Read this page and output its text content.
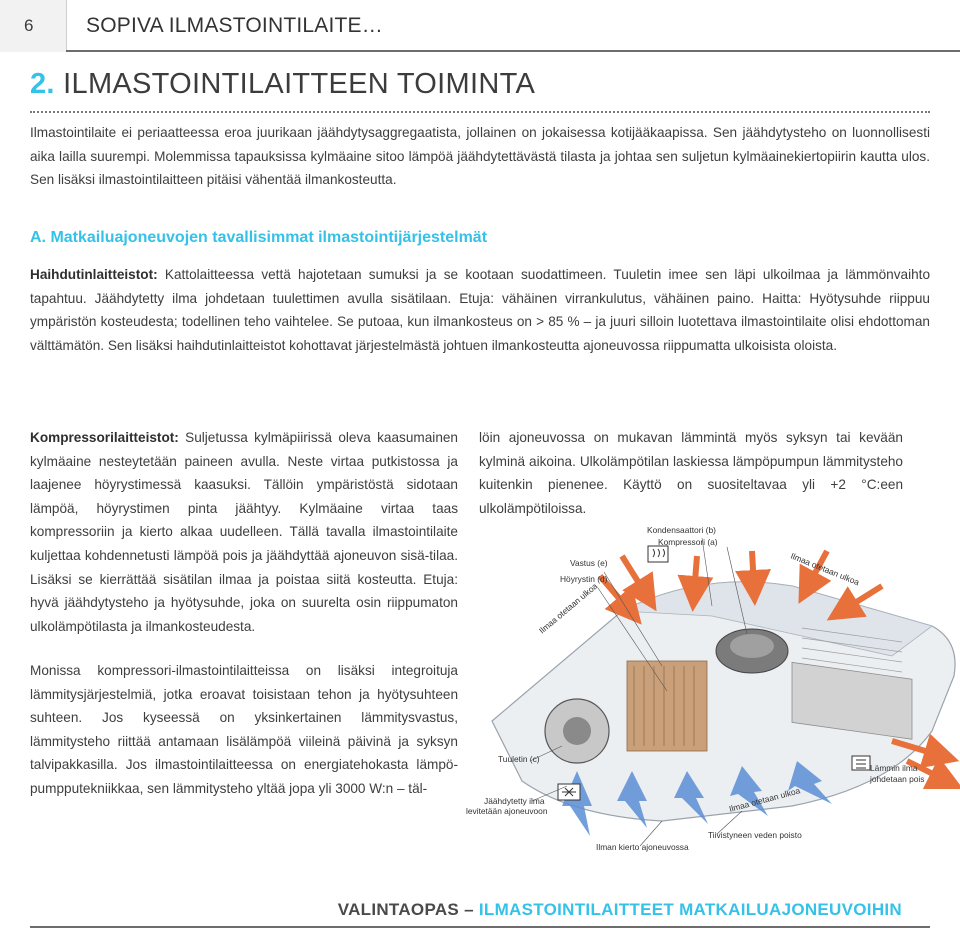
6	SOPIVA ILMASTOINTILAITE…
2. ILMASTOINTILAITTEEN TOIMINTA
Ilmastointilaite ei periaatteessa eroa juurikaan jäähdytysaggregaatista, jollainen on jokaisessa kotijääkaapissa. Sen jäähdytysteho on luonnollisesti aika lailla suurempi. Molemmissa tapauksissa kylmäaine sitoo lämpöä jäähdytettävästä tilasta ja johtaa sen suljetun kylmäainekiertopiirin kautta ulos. Sen lisäksi ilmastointilaitteen pitäisi vähentää ilmankosteutta.
A. Matkailuajoneuvojen tavallisimmat ilmastointijärjestelmät
Haihdutinlaitteistot: Kattolaitteessa vettä hajotetaan sumuksi ja se kootaan suodattimeen. Tuuletin imee sen läpi ulkoilmaa ja lämmönvaihto tapahtuu. Jäähdytetty ilma johdetaan tuulettimen avulla sisätilaan. Etuja: vähäinen virrankulutus, vähäinen paino. Haitta: Hyötysuhde riippuu ympäristön kosteudesta; todellinen teho vaihtelee. Se putoaa, kun ilmankosteus on > 85 % – ja juuri silloin luotettava ilmastointilaite olisi ehdottoman välttämätön. Sen lisäksi haihdutinlaitteistot kohottavat järjestelmästä johtuen ilmankosteutta ajoneuvossa riippumatta ulkoisista oloista.
Kompressorilaitteistot: Suljetussa kylmäpiirissä oleva kaasumainen kylmäaine nesteytetään paineen avulla. Neste virtaa putkistossa ja laajenee höyrystimessä kaasuksi. Tällöin ympäristöstä sidotaan lämpöä, höyrystimen pinta jäähtyy. Kylmäaine virtaa taas kompressoriin ja kierto alkaa uudelleen. Tällä tavalla ilmastointilaite kuljettaa kohdennetusti lämpöä pois ja jäähdyttää ajoneuvon sisä-tilaa. Lisäksi se kierrättää sisätilan ilmaa ja poistaa siitä kosteutta. Etuja: hyvä jäähdytysteho ja hyötysuhde, joka on suurelta osin riippumaton ulkolämpötilasta ja ilmankosteudesta.
Monissa kompressori-ilmastointilaitteissa on lisäksi integroituja lämmitysjärjestelmiä, jotka eroavat toisistaan tehon ja hyötysuhteen suhteen. Jos kyseessä on yksinkertainen lämmitysvastus, lämmitysteho riittää antamaan lisälämpöä viileinä päivinä ja syksyn talvipakkasilla. Jos ilmastointilaitteessa on energiatehokasta lämpöpumpputekniikkaa, sen lämmitysteho yltää jopa yli 3000 W:n – täl-
löin ajoneuvossa on mukavan lämmintä myös syksyn tai kevään kylminä aikoina. Ulkolämpötilan laskiessa lämpöpumpun lämmitysteho kuitenkin pienenee. Käyttö on suositeltavaa yli +2 °C:een ulkolämpötiloissa.
Kondensaattori (b)
Kompressori (a)
Vastus (e)
Höyrystin (d)
Ilmaa otetaan ulkoa
Ilmaa otetaan ulkoa
Ilmaa otetaan ulkoa
Tuuletin (c)
Jäähdytetty ilma
levitetään ajoneuvoon
Lämmin ilma
johdetaan pois
Tiivistyneen veden poisto
Ilman kierto ajoneuvossa
VALINTAOPAS – ILMASTOINTILAITTEET MATKAILUAJONEUVOIHIN
